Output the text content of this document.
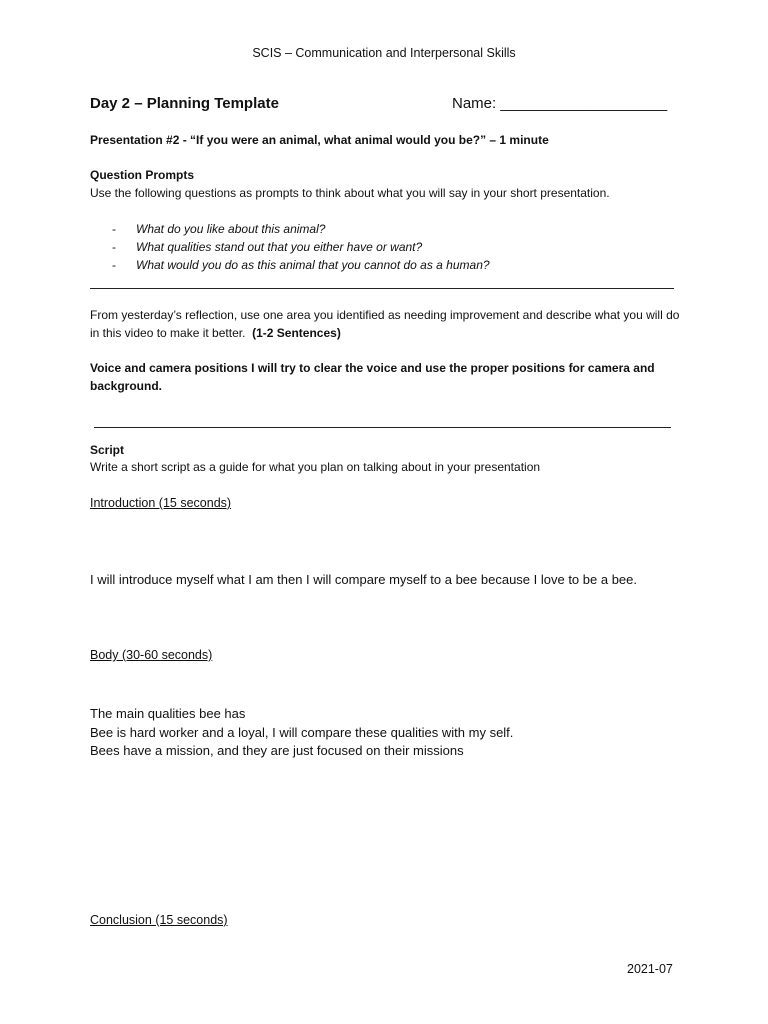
SCIS – Communication and Interpersonal Skills
Day 2 – Planning Template	Name: ____________________
Presentation #2 - “If you were an animal, what animal would you be?” – 1 minute
Question Prompts
Use the following questions as prompts to think about what you will say in your short presentation.
- What do you like about this animal?
- What qualities stand out that you either have or want?
- What would you do as this animal that you cannot do as a human?
From yesterday’s reflection, use one area you identified as needing improvement and describe what you will do in this video to make it better. (1-2 Sentences)
Voice and camera positions I will try to clear the voice and use the proper positions for camera and background.
Script
Write a short script as a guide for what you plan on talking about in your presentation
Introduction (15 seconds)
I will introduce myself what I am then I will compare myself to a bee because I love to be a bee.
Body (30-60 seconds)
The main qualities bee has
Bee is hard worker and a loyal, I will compare these qualities with my self.
Bees have a mission, and they are just focused on their missions
Conclusion (15 seconds)
2021-07
